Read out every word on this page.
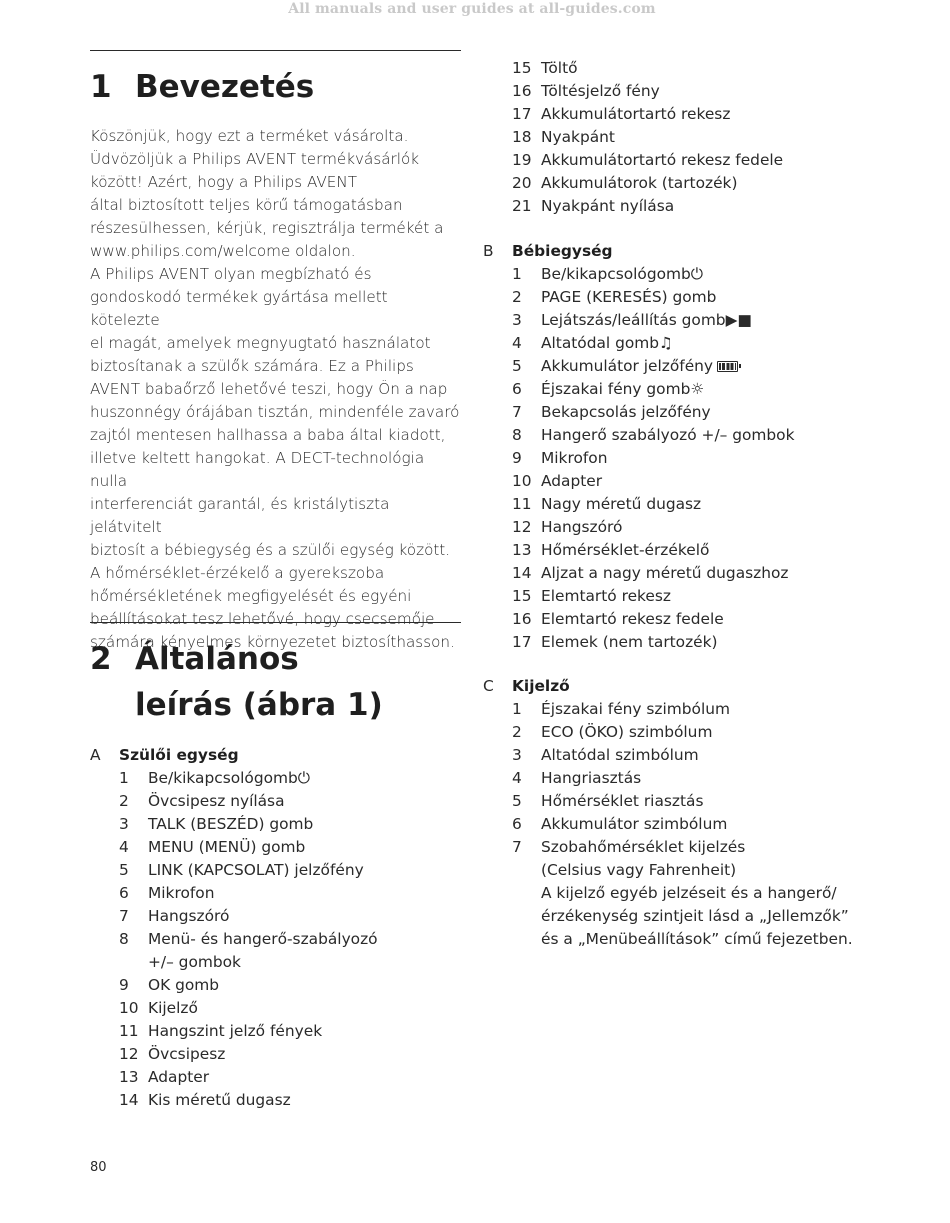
All manuals and user guides at all-guides.com
1 Bevezetés

Köszönjük, hogy ezt a terméket vásárolta.

Üdvözöljük a Philips AVENT termékvásárlók

között! Azért, hogy a Philips AVENT

által biztosított teljes körű támogatásban

részesülhessen, kérjük, regisztrálja termékét a

www.philips.com/welcome oldalon.

A Philips AVENT olyan megbízható és

gondoskodó termékek gyártása mellett kötelezte

el magát, amelyek megnyugtató használatot

biztosítanak a szülők számára. Ez a Philips

AVENT babaőrző lehetővé teszi, hogy Ön a nap

huszonnégy órájában tisztán, mindenféle zavaró

zajtól mentesen hallhassa a baba által kiadott,

illetve keltett hangokat. A DECT-technológia nulla

interferenciát garantál, és kristálytiszta jelátvitelt

biztosít a bébiegység és a szülői egység között.

A hőmérséklet-érzékelő a gyerekszoba

hőmérsékletének megfigyelését és egyéni

beállításokat tesz lehetővé, hogy csecsemője

számára kényelmes környezetet biztosíthasson.

2 Általános
leírás (ábra 1)
A Szülői egység
1	Be/kikapcsológomb⏻
2	Övcsipesz nyílása
3	TALK (BESZÉD) gomb
4	MENU (MENÜ) gomb
5	LINK (KAPCSOLAT) jelzőfény
6	Mikrofon
7	Hangszóró
8	Menü- és hangerő-szabályozó
+/– gombok
9	OK gomb
10 Kijelző
11 Hangszint jelző fények
12 Övcsipesz
13 Adapter
14 Kis méretű dugasz
15 Töltő
16 Töltésjelző fény
17 Akkumulátortartó rekesz
18 Nyakpánt
19 Akkumulátortartó rekesz fedele
20 Akkumulátorok (tartozék)
21 Nyakpánt nyílása
B Bébiegység
1	Be/kikapcsológomb⏻
2	PAGE (KERESÉS) gomb
3	Lejátszás/leállítás gomb▶■
4	Altatódal gomb♫
5	Akkumulátor jelzőfény
6	Éjszakai fény gomb☼
7	Bekapcsolás jelzőfény
8	Hangerő szabályozó +/– gombok
9	Mikrofon
10 Adapter
11 Nagy méretű dugasz
12 Hangszóró
13 Hőmérséklet-érzékelő
14 Aljzat a nagy méretű dugaszhoz
15 Elemtartó rekesz
16 Elemtartó rekesz fedele
17 Elemek (nem tartozék)
C Kijelző
1	Éjszakai fény szimbólum
2	ECO (ÖKO) szimbólum
3	Altatódal szimbólum
4	Hangriasztás
5	Hőmérséklet riasztás
6	Akkumulátor szimbólum
7	Szobahőmérséklet kijelzés
(Celsius vagy Fahrenheit)
A kijelző egyéb jelzéseit és a hangerő/
érzékenység szintjeit lásd a „Jellemzők”
és a „Menübeállítások” című fejezetben.
80
